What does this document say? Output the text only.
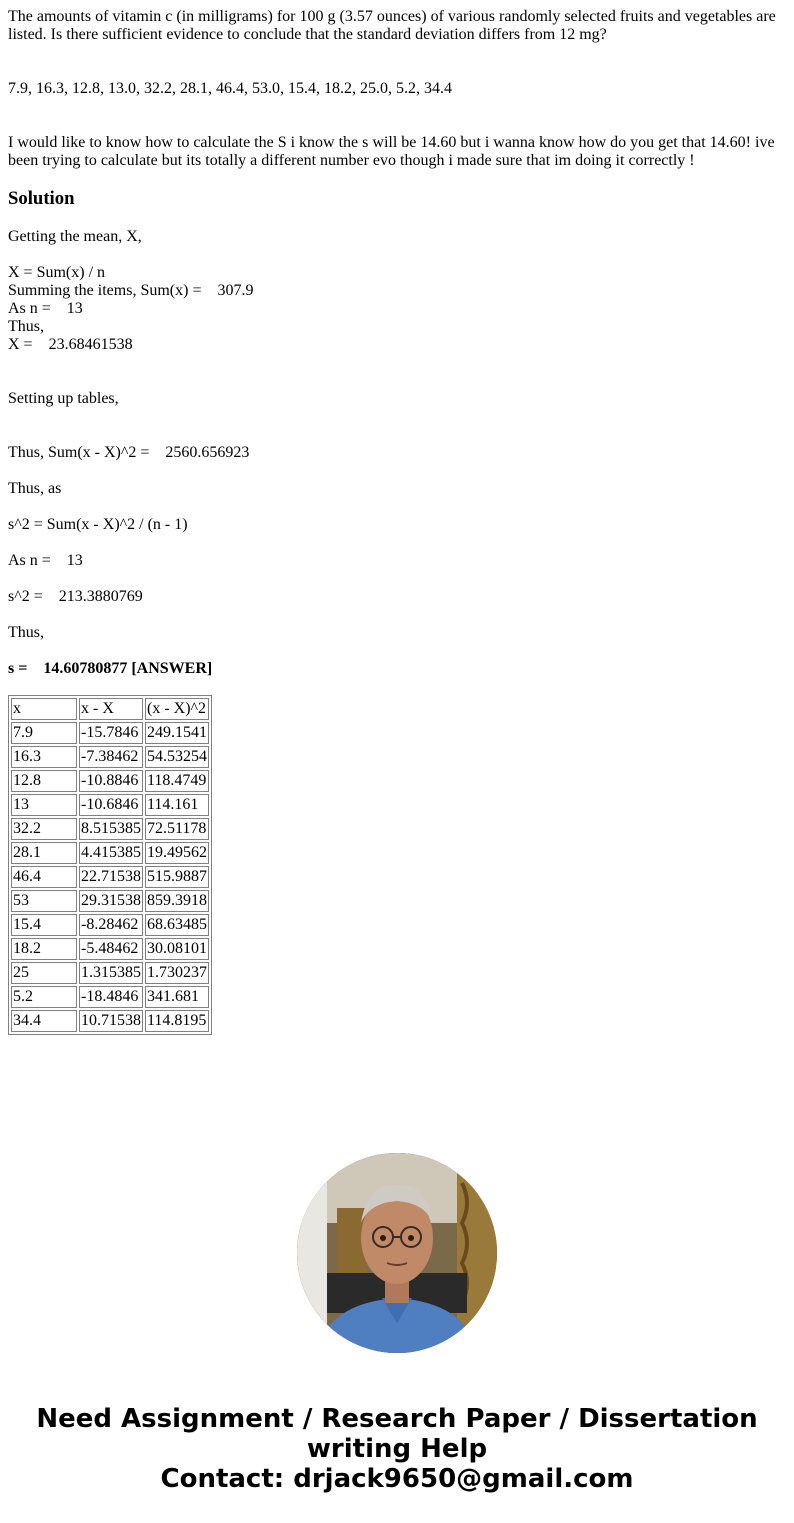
The amounts of vitamin c (in milligrams) for 100 g (3.57 ounces) of various randomly selected fruits and vegetables are listed. Is there sufficient evidence to conclude that the standard deviation differs from 12 mg?

7.9, 16.3, 12.8, 13.0, 32.2, 28.1, 46.4, 53.0, 15.4, 18.2, 25.0, 5.2, 34.4

I would like to know how to calculate the S i know the s will be 14.60 but i wanna know how do you get that 14.60! ive been trying to calculate but its totally a different number evo though i made sure that im doing it correctly !

Solution
Getting the mean, X,
X = Sum(x) / n
Summing the items, Sum(x) =    307.9
As n =    13
Thus,
X =    23.68461538
Setting up tables,
Thus, Sum(x - X)^2 =    2560.656923
Thus, as
s^2 = Sum(x - X)^2 / (n - 1)
As n =    13
s^2 =    213.3880769
Thus,
s =    14.60780877 [ANSWER]
x	x - X	(x - X)^2
7.9	-15.7846	249.1541
16.3	-7.38462	54.53254
12.8	-10.8846	118.4749
13	-10.6846	114.161
32.2	8.515385	72.51178
28.1	4.415385	19.49562
46.4	22.71538	515.9887
53	29.31538	859.3918
15.4	-8.28462	68.63485
18.2	-5.48462	30.08101
25	1.315385	1.730237
5.2	-18.4846	341.681
34.4	10.71538	114.8195
Need Assignment / Research Paper / Dissertation
writing Help
Contact: drjack9650@gmail.com
